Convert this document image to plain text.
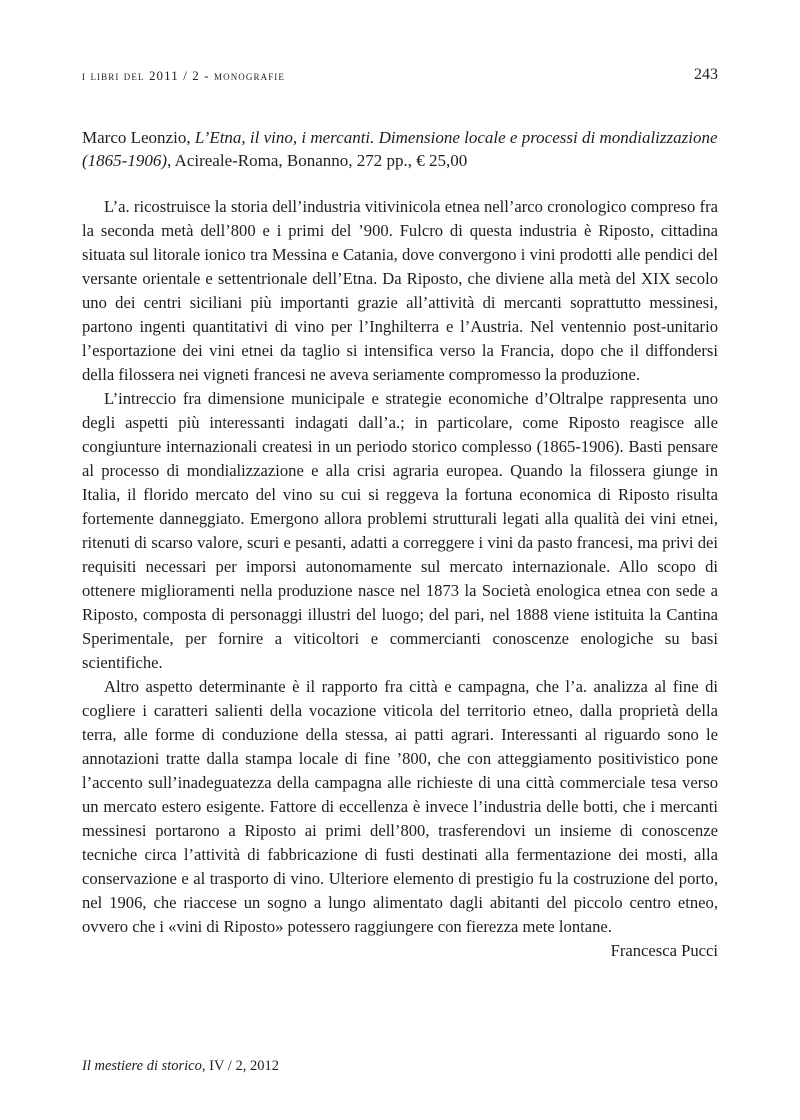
i libri del 2011 / 2 - monografie	243
Marco Leonzio, L’Etna, il vino, i mercanti. Dimensione locale e processi di mondializzazione (1865-1906), Acireale-Roma, Bonanno, 272 pp., € 25,00

L’a. ricostruisce la storia dell’industria vitivinicola etnea nell’arco cronologico compreso fra la seconda metà dell’800 e i primi del ’900. Fulcro di questa industria è Riposto, cittadina situata sul litorale ionico tra Messina e Catania, dove convergono i vini prodotti alle pendici del versante orientale e settentrionale dell’Etna. Da Riposto, che diviene alla metà del XIX secolo uno dei centri siciliani più importanti grazie all’attività di mercanti soprattutto messinesi, partono ingenti quantitativi di vino per l’Inghilterra e l’Austria. Nel ventennio post-unitario l’esportazione dei vini etnei da taglio si intensifica verso la Francia, dopo che il diffondersi della filossera nei vigneti francesi ne aveva seriamente compromesso la produzione.

L’intreccio fra dimensione municipale e strategie economiche d’Oltralpe rappresenta uno degli aspetti più interessanti indagati dall’a.; in particolare, come Riposto reagisce alle congiunture internazionali createsi in un periodo storico complesso (1865-1906). Basti pensare al processo di mondializzazione e alla crisi agraria europea. Quando la filossera giunge in Italia, il florido mercato del vino su cui si reggeva la fortuna economica di Riposto risulta fortemente danneggiato. Emergono allora problemi strutturali legati alla qualità dei vini etnei, ritenuti di scarso valore, scuri e pesanti, adatti a correggere i vini da pasto francesi, ma privi dei requisiti necessari per imporsi autonomamente sul mercato internazionale. Allo scopo di ottenere miglioramenti nella produzione nasce nel 1873 la Società enologica etnea con sede a Riposto, composta di personaggi illustri del luogo; del pari, nel 1888 viene istituita la Cantina Sperimentale, per fornire a viticoltori e commercianti conoscenze enologiche su basi scientifiche.

Altro aspetto determinante è il rapporto fra città e campagna, che l’a. analizza al fine di cogliere i caratteri salienti della vocazione viticola del territorio etneo, dalla proprietà della terra, alle forme di conduzione della stessa, ai patti agrari. Interessanti al riguardo sono le annotazioni tratte dalla stampa locale di fine ’800, che con atteggiamento positivistico pone l’accento sull’inadeguatezza della campagna alle richieste di una città commerciale tesa verso un mercato estero esigente. Fattore di eccellenza è invece l’industria delle botti, che i mercanti messinesi portarono a Riposto ai primi dell’800, trasferendovi un insieme di conoscenze tecniche circa l’attività di fabbricazione di fusti destinati alla fermentazione dei mosti, alla conservazione e al trasporto di vino. Ulteriore elemento di prestigio fu la costruzione del porto, nel 1906, che riaccese un sogno a lungo alimentato dagli abitanti del piccolo centro etneo, ovvero che i «vini di Riposto» potessero raggiungere con fierezza mete lontane.

Francesca Pucci

Il mestiere di storico, IV / 2, 2012
